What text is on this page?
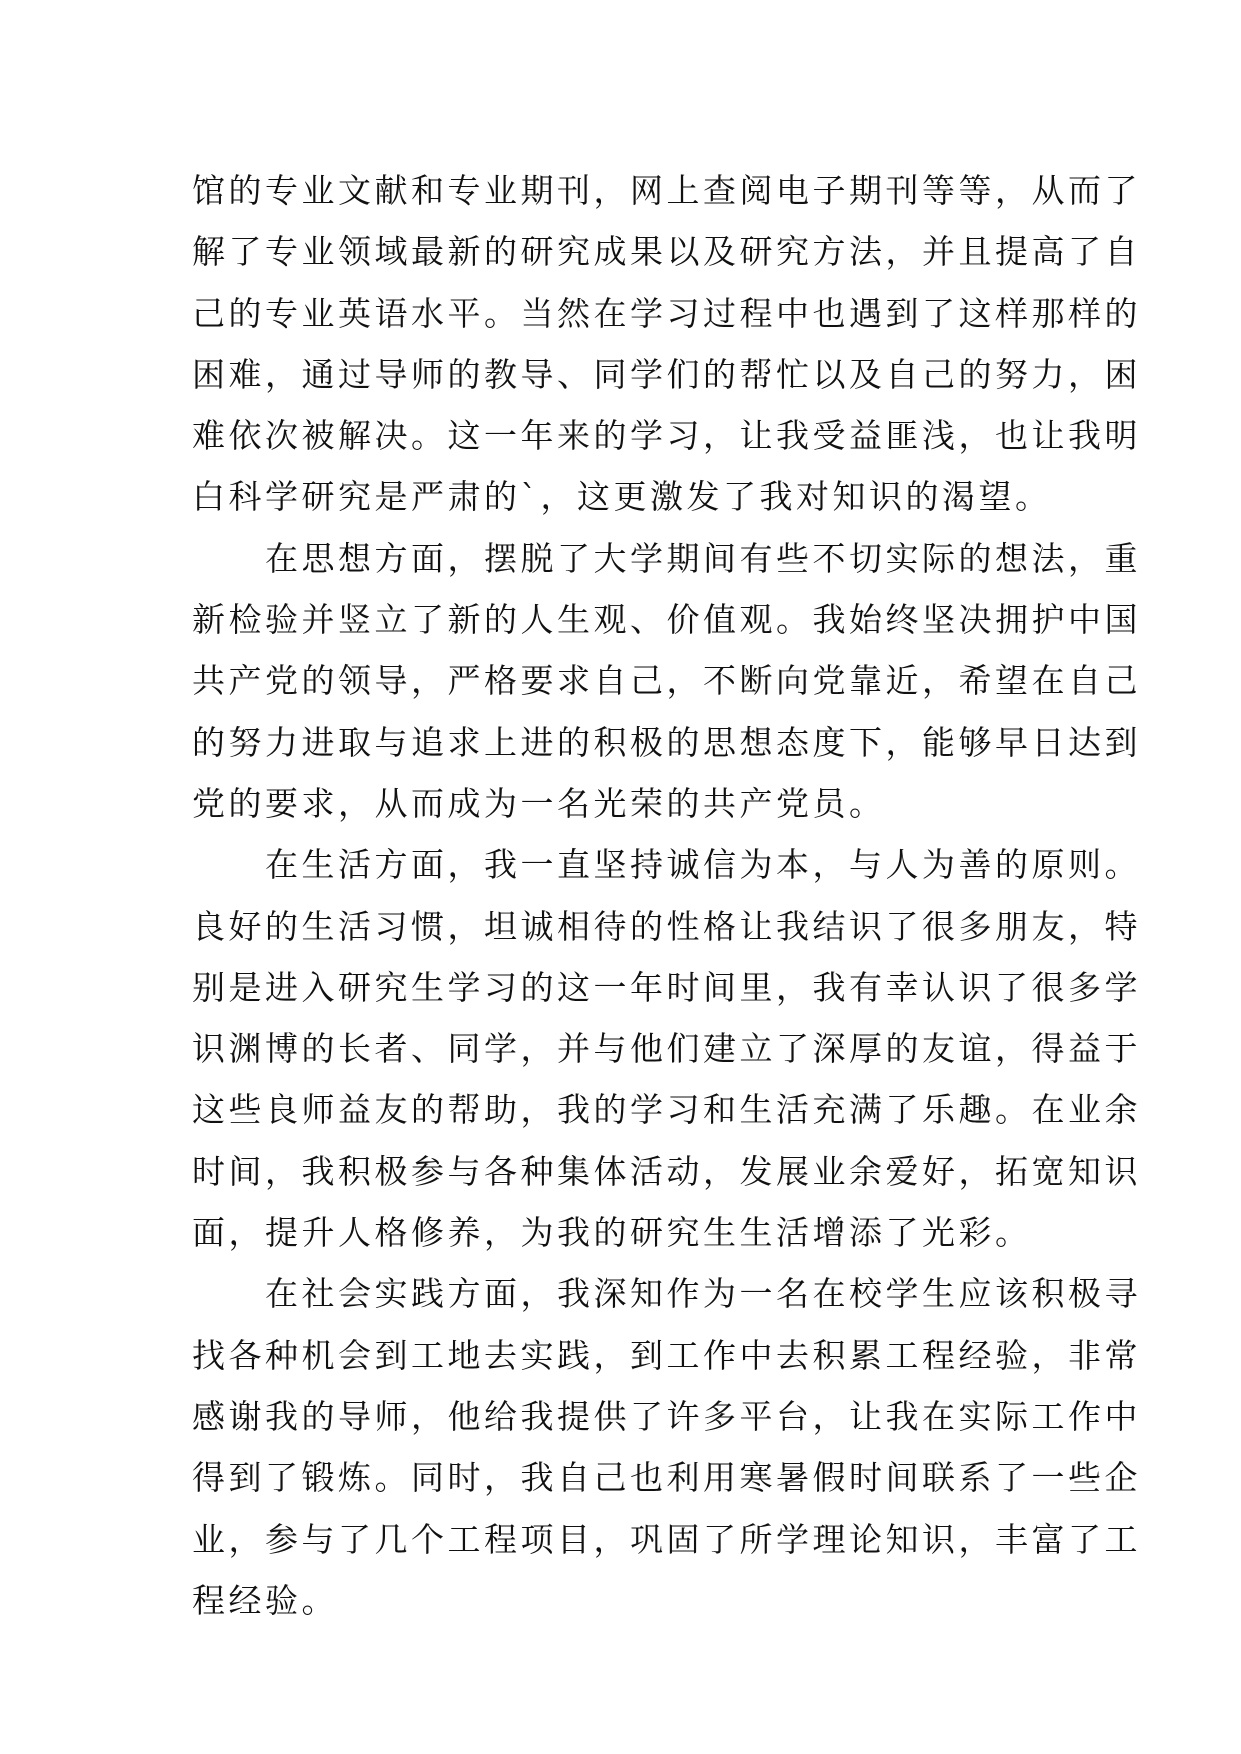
馆的专业文献和专业期刊，网上查阅电子期刊等等，从而了
解了专业领域最新的研究成果以及研究方法，并且提高了自
己的专业英语水平。当然在学习过程中也遇到了这样那样的
困难，通过导师的教导、同学们的帮忙以及自己的努力，困
难依次被解决。这一年来的学习，让我受益匪浅，也让我明
白科学研究是严肃的`，这更激发了我对知识的渴望。
　　在思想方面，摆脱了大学期间有些不切实际的想法，重
新检验并竖立了新的人生观、价值观。我始终坚决拥护中国
共产党的领导，严格要求自己，不断向党靠近，希望在自己
的努力进取与追求上进的积极的思想态度下，能够早日达到
党的要求，从而成为一名光荣的共产党员。
　　在生活方面，我一直坚持诚信为本，与人为善的原则。
良好的生活习惯，坦诚相待的性格让我结识了很多朋友，特
别是进入研究生学习的这一年时间里，我有幸认识了很多学
识渊博的长者、同学，并与他们建立了深厚的友谊，得益于
这些良师益友的帮助，我的学习和生活充满了乐趣。在业余
时间，我积极参与各种集体活动，发展业余爱好，拓宽知识
面，提升人格修养，为我的研究生生活增添了光彩。
　　在社会实践方面，我深知作为一名在校学生应该积极寻
找各种机会到工地去实践，到工作中去积累工程经验，非常
感谢我的导师，他给我提供了许多平台，让我在实际工作中
得到了锻炼。同时，我自己也利用寒暑假时间联系了一些企
业，参与了几个工程项目，巩固了所学理论知识，丰富了工
程经验。
